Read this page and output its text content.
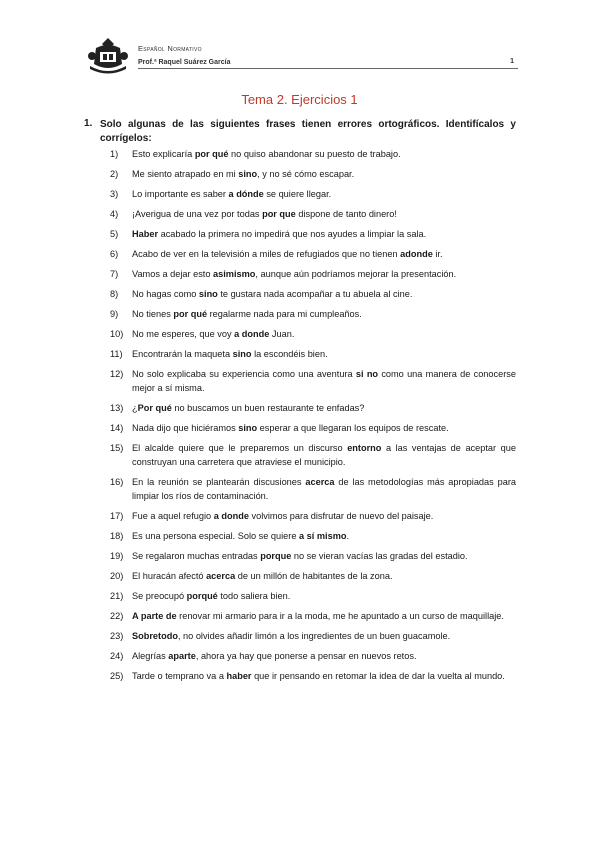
Español Normativo
Prof.ª Raquel Suárez García	1
Tema 2. Ejercicios 1
1. Solo algunas de las siguientes frases tienen errores ortográficos. Identifícalos y corrígelos:
1)	Esto explicaría por qué no quiso abandonar su puesto de trabajo.
2)	Me siento atrapado en mi sino, y no sé cómo escapar.
3)	Lo importante es saber a dónde se quiere llegar.
4)	¡Averigua de una vez por todas por que dispone de tanto dinero!
5)	Haber acabado la primera no impedirá que nos ayudes a limpiar la sala.
6)	Acabo de ver en la televisión a miles de refugiados que no tienen adonde ir.
7)	Vamos a dejar esto asimismo, aunque aún podríamos mejorar la presentación.
8)	No hagas como sino te gustara nada acompañar a tu abuela al cine.
9)	No tienes por qué regalarme nada para mi cumpleaños.
10) No me esperes, que voy a donde Juan.
11)	Encontrarán la maqueta sino la escondéis bien.
12) No solo explicaba su experiencia como una aventura si no como una manera de conocerse mejor a sí misma.
13) ¿Por qué no buscamos un buen restaurante te enfadas?
14) Nada dijo que hiciéramos sino esperar a que llegaran los equipos de rescate.
15) El alcalde quiere que le preparemos un discurso entorno a las ventajas de aceptar que construyan una carretera que atraviese el municipio.
16) En la reunión se plantearán discusiones acerca de las metodologías más apropiadas para limpiar los ríos de contaminación.
17) Fue a aquel refugio a donde volvimos para disfrutar de nuevo del paisaje.
18) Es una persona especial. Solo se quiere a sí mismo.
19) Se regalaron muchas entradas porque no se vieran vacías las gradas del estadio.
20) El huracán afectó acerca de un millón de habitantes de la zona.
21) Se preocupó porqué todo saliera bien.
22) A parte de renovar mi armario para ir a la moda, me he apuntado a un curso de maquillaje.
23) Sobretodo, no olvides añadir limón a los ingredientes de un buen guacamole.
24) Alegrías aparte, ahora ya hay que ponerse a pensar en nuevos retos.
25) Tarde o temprano va a haber que ir pensando en retomar la idea de dar la vuelta al mundo.
